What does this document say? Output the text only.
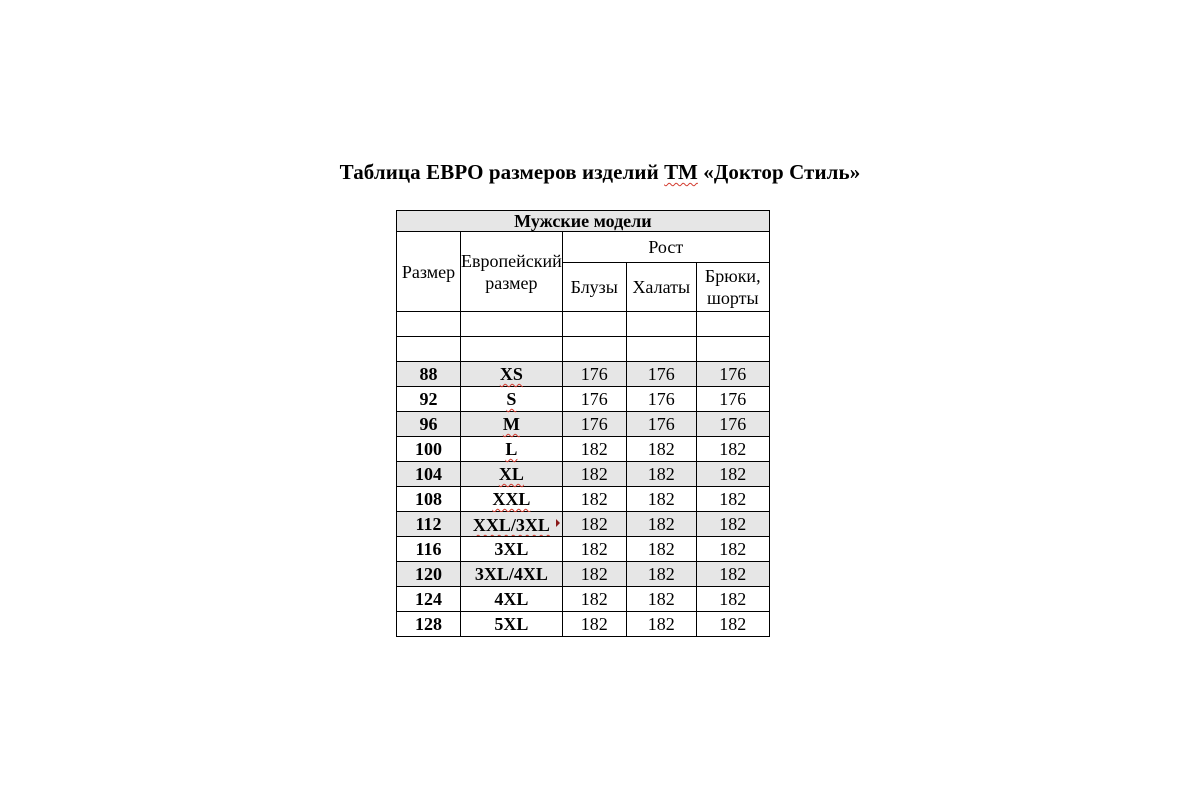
Таблица ЕВРО размеров изделий ТМ «Доктор Стиль»
Мужские модели				
Размер	Европейский размер	Рост		
		Блузы	Халаты	Брюки, шорты

88	XS	176	176	176
92	S	176	176	176
96	M	176	176	176
100	L	182	182	182
104	XL	182	182	182
108	XXL	182	182	182
112	XXL/3XL	182	182	182
116	3XL	182	182	182
120	3XL/4XL	182	182	182
124	4XL	182	182	182
128	5XL	182	182	182
